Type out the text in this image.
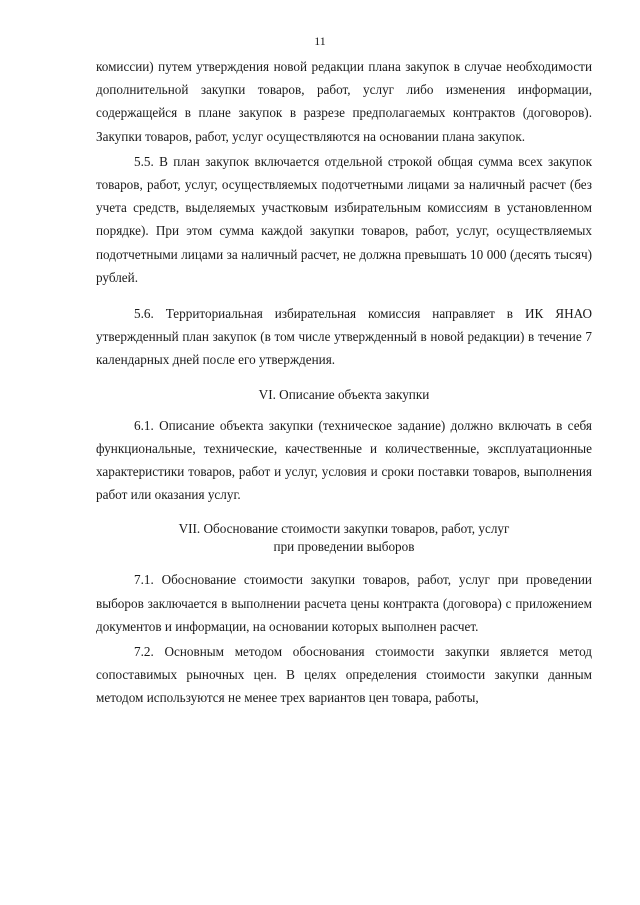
11

комиссии) путем утверждения новой редакции плана закупок в случае необходимости дополнительной закупки товаров, работ, услуг либо изменения информации, содержащейся в плане закупок в разрезе предполагаемых контрактов (договоров). Закупки товаров, работ, услуг осуществляются на основании плана закупок.

5.5. В план закупок включается отдельной строкой общая сумма всех закупок товаров, работ, услуг, осуществляемых подотчетными лицами за наличный расчет (без учета средств, выделяемых участковым избирательным комиссиям в установленном порядке). При этом сумма каждой закупки товаров, работ, услуг, осуществляемых подотчетными лицами за наличный расчет, не должна превышать 10 000 (десять тысяч) рублей.

5.6. Территориальная избирательная комиссия направляет в ИК ЯНАО утвержденный план закупок (в том числе утвержденный в новой редакции) в течение 7 календарных дней после его утверждения.

VI. Описание объекта закупки

6.1. Описание объекта закупки (техническое задание) должно включать в себя функциональные, технические, качественные и количественные, эксплуатационные характеристики товаров, работ и услуг, условия и сроки поставки товаров, выполнения работ или оказания услуг.

VII. Обоснование стоимости закупки товаров, работ, услуг
при проведении выборов

7.1. Обоснование стоимости закупки товаров, работ, услуг при проведении выборов заключается в выполнении расчета цены контракта (договора) с приложением документов и информации, на основании которых выполнен расчет.

7.2. Основным методом обоснования стоимости закупки является метод сопоставимых рыночных цен. В целях определения стоимости закупки данным методом используются не менее трех вариантов цен товара, работы,
